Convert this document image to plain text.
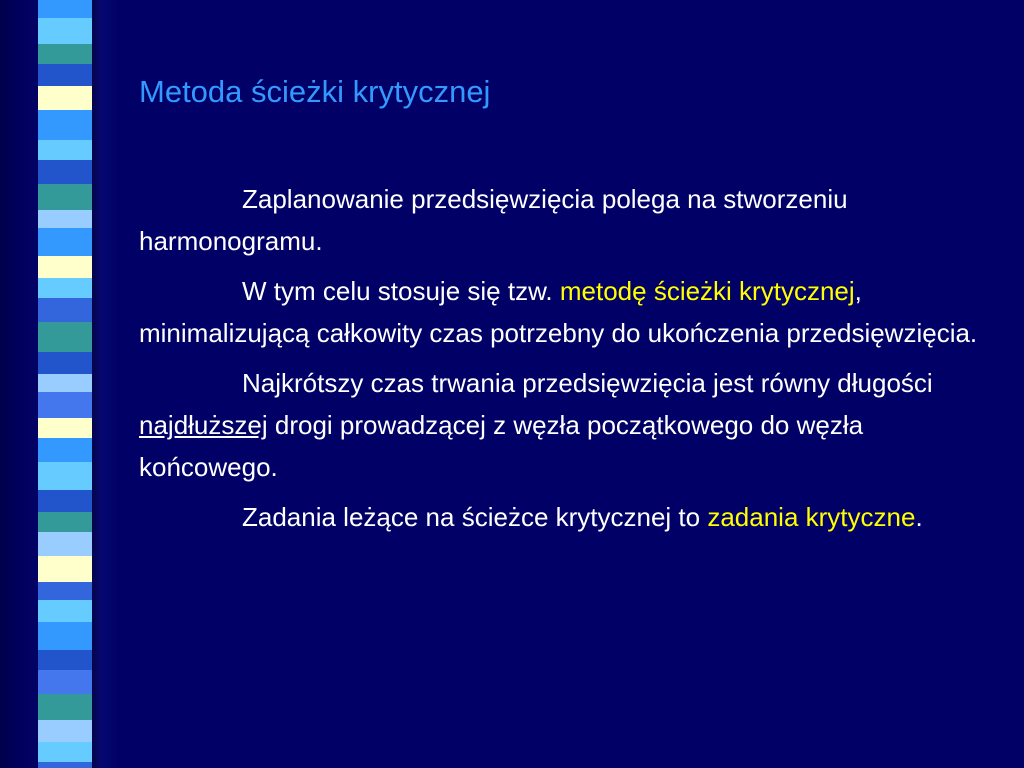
Metoda ścieżki krytycznej

Zaplanowanie przedsięwzięcia polega na stworzeniu harmonogramu.

W tym celu stosuje się tzw. metodę ścieżki krytycznej, minimalizującą całkowity czas potrzebny do ukończenia przedsięwzięcia.

Najkrótszy czas trwania przedsięwzięcia jest równy długości najdłuższej drogi prowadzącej z węzła początkowego do węzła końcowego.

Zadania leżące na ścieżce krytycznej to zadania krytyczne.
